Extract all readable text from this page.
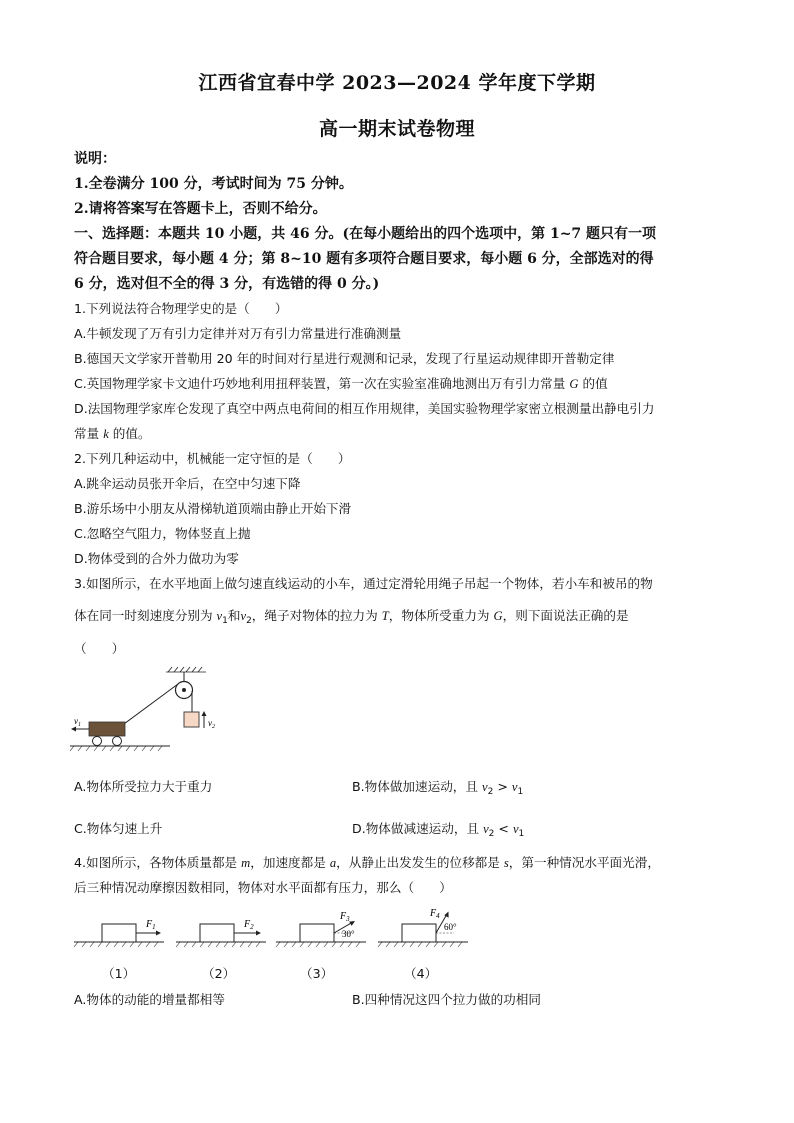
江西省宜春中学 2023—2024 学年度下学期
高一期末试卷物理
说明：
1.全卷满分 100 分，考试时间为 75 分钟。
2.请将答案写在答题卡上，否则不给分。
一、选择题：本题共 10 小题，共 46 分。(在每小题给出的四个选项中，第 1~7 题只有一项
符合题目要求，每小题 4 分；第 8~10 题有多项符合题目要求，每小题 6 分，全部选对的得
6 分，选对但不全的得 3 分，有选错的得 0 分。)
1.下列说法符合物理学史的是（　　）
A.牛顿发现了万有引力定律并对万有引力常量进行准确测量
B.德国天文学家开普勒用 20 年的时间对行星进行观测和记录，发现了行星运动规律即开普勒定律
C.英国物理学家卡文迪什巧妙地利用扭秤装置，第一次在实验室准确地测出万有引力常量 G 的值
D.法国物理学家库仑发现了真空中两点电荷间的相互作用规律，美国实验物理学家密立根测量出静电引力
常量 k 的值。
2.下列几种运动中，机械能一定守恒的是（　　）
A.跳伞运动员张开伞后，在空中匀速下降
B.游乐场中小朋友从滑梯轨道顶端由静止开始下滑
C.忽略空气阻力，物体竖直上抛
D.物体受到的合外力做功为零
3.如图所示，在水平地面上做匀速直线运动的小车，通过定滑轮用绳子吊起一个物体，若小车和被吊的物
体在同一时刻速度分别为 $v_1$和$v_2$，绳子对物体的拉力为 T，物体所受重力为 G，则下面说法正确的是
（　　）
$v_2$
$v_1$
A.物体所受拉力大于重力	B.物体做加速运动，且 $v_2 > v_1$
C.物体匀速上升	D.物体做减速运动，且 $v_2 < v_1$
4.如图所示，各物体质量都是 m，加速度都是 a，从静止出发发生的位移都是 s，第一种情况水平面光滑，
后三种情况动摩擦因数相同，物体对水平面都有压力，那么（　　）
$F_1$	$F_2$
$F_3$
30°
$F_4$
60°
（1）	（2）	（3）	（4）
A.物体的动能的增量都相等	B.四种情况这四个拉力做的功相同
